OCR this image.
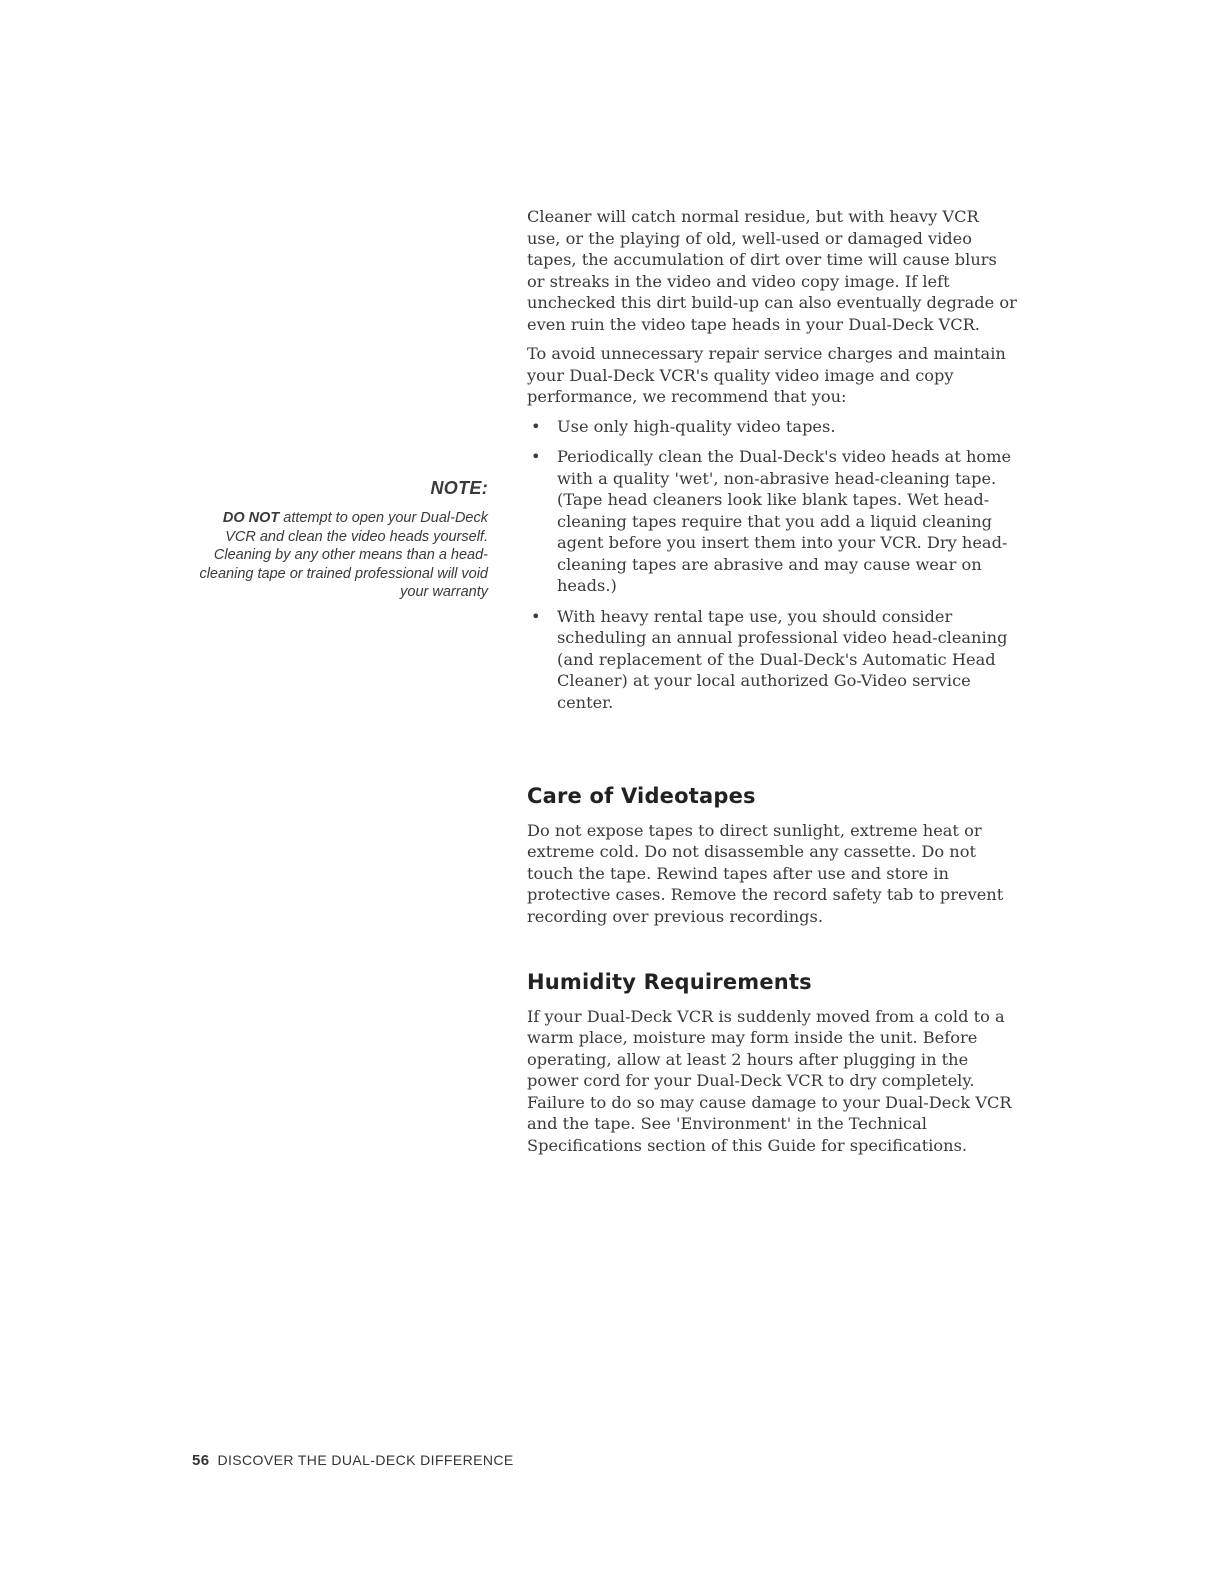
NOTE:

DO NOT attempt to open your Dual-Deck VCR and clean the video heads yourself. Cleaning by any other means than a head-cleaning tape or trained professional will void your warranty

Cleaner will catch normal residue, but with heavy VCR use, or the playing of old, well-used or damaged video tapes, the accumulation of dirt over time will cause blurs or streaks in the video and video copy image. If left unchecked this dirt build-up can also eventually degrade or even ruin the video tape heads in your Dual-Deck VCR.

To avoid unnecessary repair service charges and maintain your Dual-Deck VCR's quality video image and copy performance, we recommend that you:

• Use only high-quality video tapes.
• Periodically clean the Dual-Deck's video heads at home with a quality 'wet', non-abrasive head-cleaning tape. (Tape head cleaners look like blank tapes. Wet head-cleaning tapes require that you add a liquid cleaning agent before you insert them into your VCR. Dry head-cleaning tapes are abrasive and may cause wear on heads.)
• With heavy rental tape use, you should consider scheduling an annual professional video head-cleaning (and replacement of the Dual-Deck's Automatic Head Cleaner) at your local authorized Go-Video service center.
Care of Videotapes

Do not expose tapes to direct sunlight, extreme heat or extreme cold. Do not disassemble any cassette. Do not touch the tape. Rewind tapes after use and store in protective cases. Remove the record safety tab to prevent recording over previous recordings.

Humidity Requirements

If your Dual-Deck VCR is suddenly moved from a cold to a warm place, moisture may form inside the unit. Before operating, allow at least 2 hours after plugging in the power cord for your Dual-Deck VCR to dry completely. Failure to do so may cause damage to your Dual-Deck VCR and the tape. See 'Environment' in the Technical Specifications section of this Guide for specifications.

56 DISCOVER THE DUAL-DECK DIFFERENCE
